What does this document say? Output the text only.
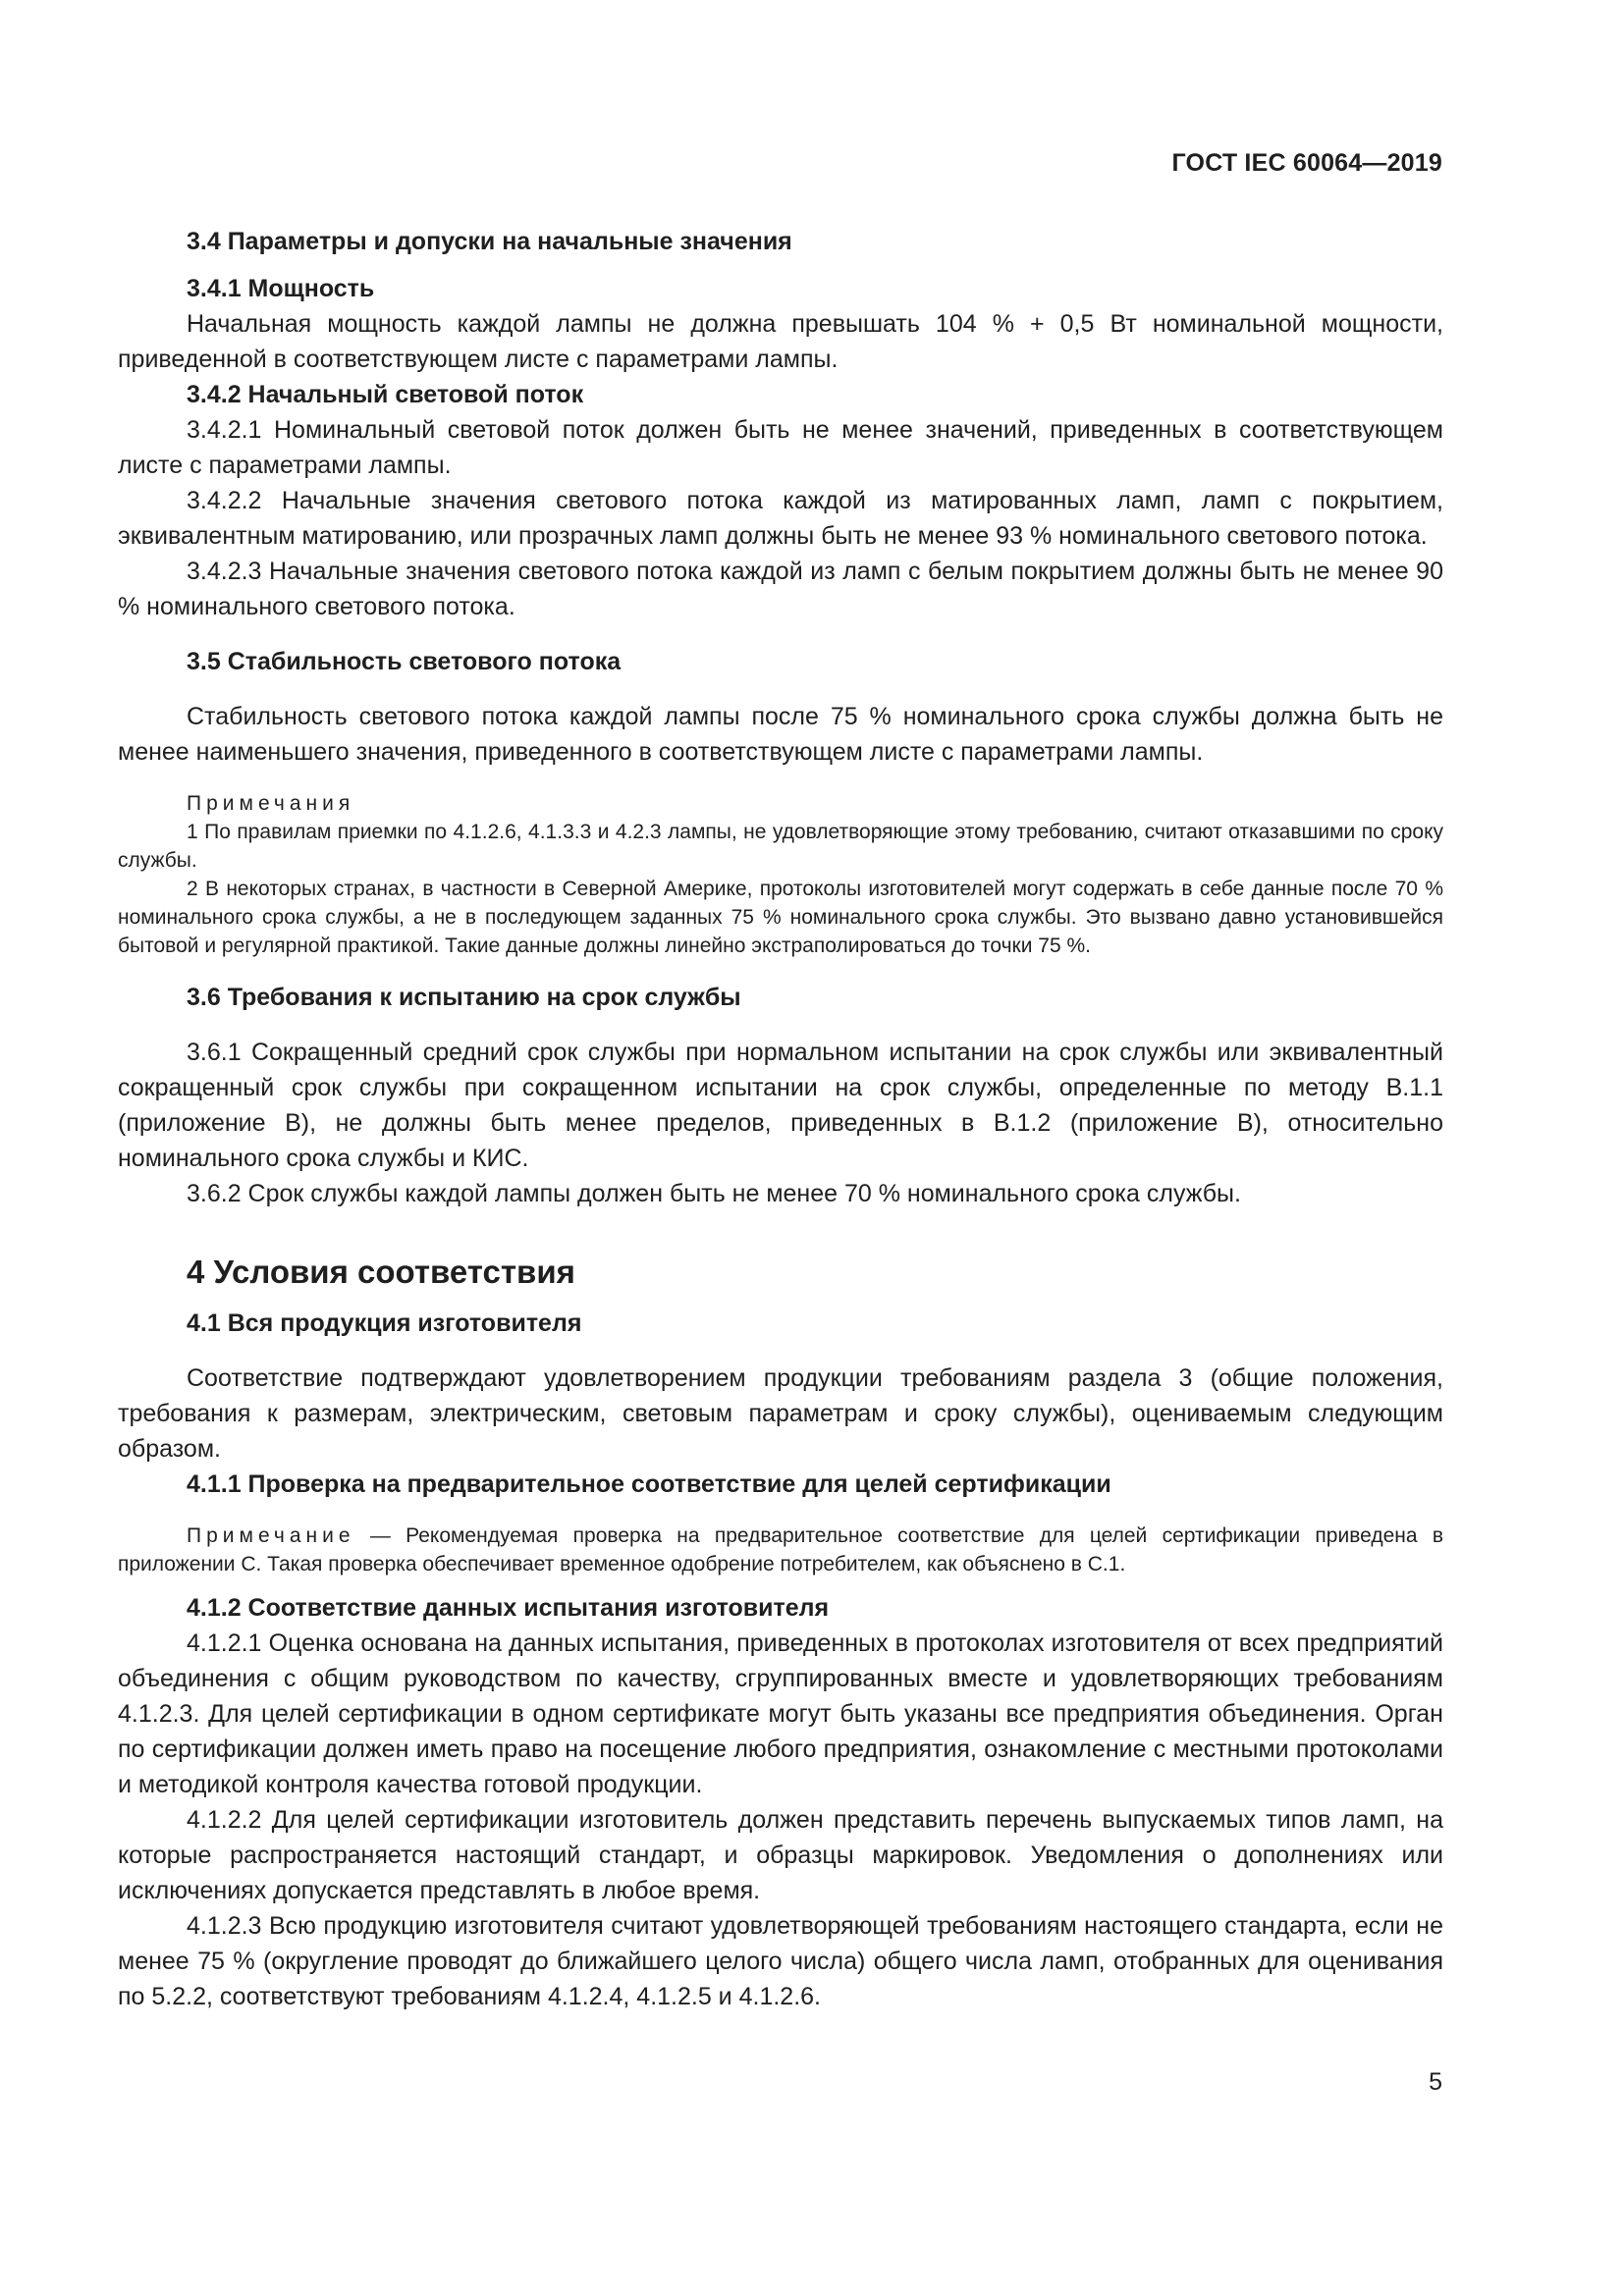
ГОСТ IEC 60064—2019

3.4 Параметры и допуски на начальные значения

3.4.1 Мощность

Начальная мощность каждой лампы не должна превышать 104 % + 0,5 Вт номинальной мощности, приведенной в соответствующем листе с параметрами лампы.

3.4.2 Начальный световой поток

3.4.2.1 Номинальный световой поток должен быть не менее значений, приведенных в соответствующем листе с параметрами лампы.

3.4.2.2 Начальные значения светового потока каждой из матированных ламп, ламп с покрытием, эквивалентным матированию, или прозрачных ламп должны быть не менее 93 % номинального светового потока.

3.4.2.3 Начальные значения светового потока каждой из ламп с белым покрытием должны быть не менее 90 % номинального светового потока.

3.5 Стабильность светового потока

Стабильность светового потока каждой лампы после 75 % номинального срока службы должна быть не менее наименьшего значения, приведенного в соответствующем листе с параметрами лампы.

Примечания

1 По правилам приемки по 4.1.2.6, 4.1.3.3 и 4.2.3 лампы, не удовлетворяющие этому требованию, считают отказавшими по сроку службы.

2 В некоторых странах, в частности в Северной Америке, протоколы изготовителей могут содержать в себе данные после 70 % номинального срока службы, а не в последующем заданных 75 % номинального срока службы. Это вызвано давно установившейся бытовой и регулярной практикой. Такие данные должны линейно экстраполироваться до точки 75 %.

3.6 Требования к испытанию на срок службы

3.6.1 Сокращенный средний срок службы при нормальном испытании на срок службы или эквивалентный сокращенный срок службы при сокращенном испытании на срок службы, определенные по методу В.1.1 (приложение В), не должны быть менее пределов, приведенных в В.1.2 (приложение В), относительно номинального срока службы и КИС.

3.6.2 Срок службы каждой лампы должен быть не менее 70 % номинального срока службы.

4 Условия соответствия

4.1 Вся продукция изготовителя

Соответствие подтверждают удовлетворением продукции требованиям раздела 3 (общие положения, требования к размерам, электрическим, световым параметрам и сроку службы), оцениваемым следующим образом.

4.1.1 Проверка на предварительное соответствие для целей сертификации

Примечание — Рекомендуемая проверка на предварительное соответствие для целей сертификации приведена в приложении С. Такая проверка обеспечивает временное одобрение потребителем, как объяснено в С.1.

4.1.2 Соответствие данных испытания изготовителя

4.1.2.1 Оценка основана на данных испытания, приведенных в протоколах изготовителя от всех предприятий объединения с общим руководством по качеству, сгруппированных вместе и удовлетворяющих требованиям 4.1.2.3. Для целей сертификации в одном сертификате могут быть указаны все предприятия объединения. Орган по сертификации должен иметь право на посещение любого предприятия, ознакомление с местными протоколами и методикой контроля качества готовой продукции.

4.1.2.2 Для целей сертификации изготовитель должен представить перечень выпускаемых типов ламп, на которые распространяется настоящий стандарт, и образцы маркировок. Уведомления о дополнениях или исключениях допускается представлять в любое время.

4.1.2.3 Всю продукцию изготовителя считают удовлетворяющей требованиям настоящего стандарта, если не менее 75 % (округление проводят до ближайшего целого числа) общего числа ламп, отобранных для оценивания по 5.2.2, соответствуют требованиям 4.1.2.4, 4.1.2.5 и 4.1.2.6.

5
